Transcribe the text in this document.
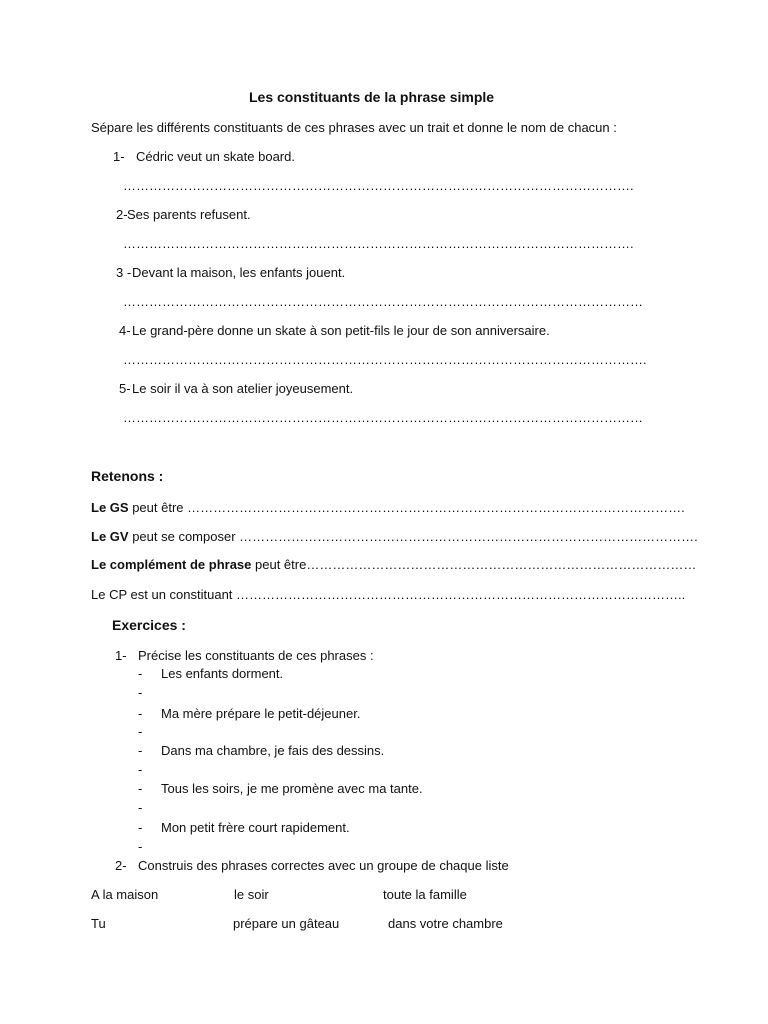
Les constituants de la phrase simple
Sépare les différents constituants de ces phrases avec un trait et donne le nom de chacun :
1- Cédric veut un skate board.
……………………………………………………………………………………………………….
2- Ses parents refusent.
……………………………………………………………………………………………………….
3 - Devant la maison, les enfants jouent.
…………………………………………………………………………………………………………
4- Le grand-père donne un skate à son petit-fils le jour de son anniversaire.
………………………………………………………………………………………………………….
5- Le soir il va à son atelier joyeusement.
…………………………………………………………………………………………………………
Retenons :
Le GS peut être …………………………………………………………………………………………………….
Le GV peut se composer …………………………………………………………………………………………….
Le complément de phrase peut être………………………………………………………………………………
Le CP est un constituant …………………………………………………………………………………………..
Exercices :
1- Précise les constituants de ces phrases :
- Les enfants dorment.
-
- Ma mère prépare le petit-déjeuner.
-
- Dans ma chambre, je fais des dessins.
-
- Tous les soirs, je me promène avec ma tante.
-
- Mon petit frère court rapidement.
-
2- Construis des phrases correctes avec un groupe de chaque liste
A la maison	le soir	toute la famille
Tu	prépare un gâteau	dans votre chambre
